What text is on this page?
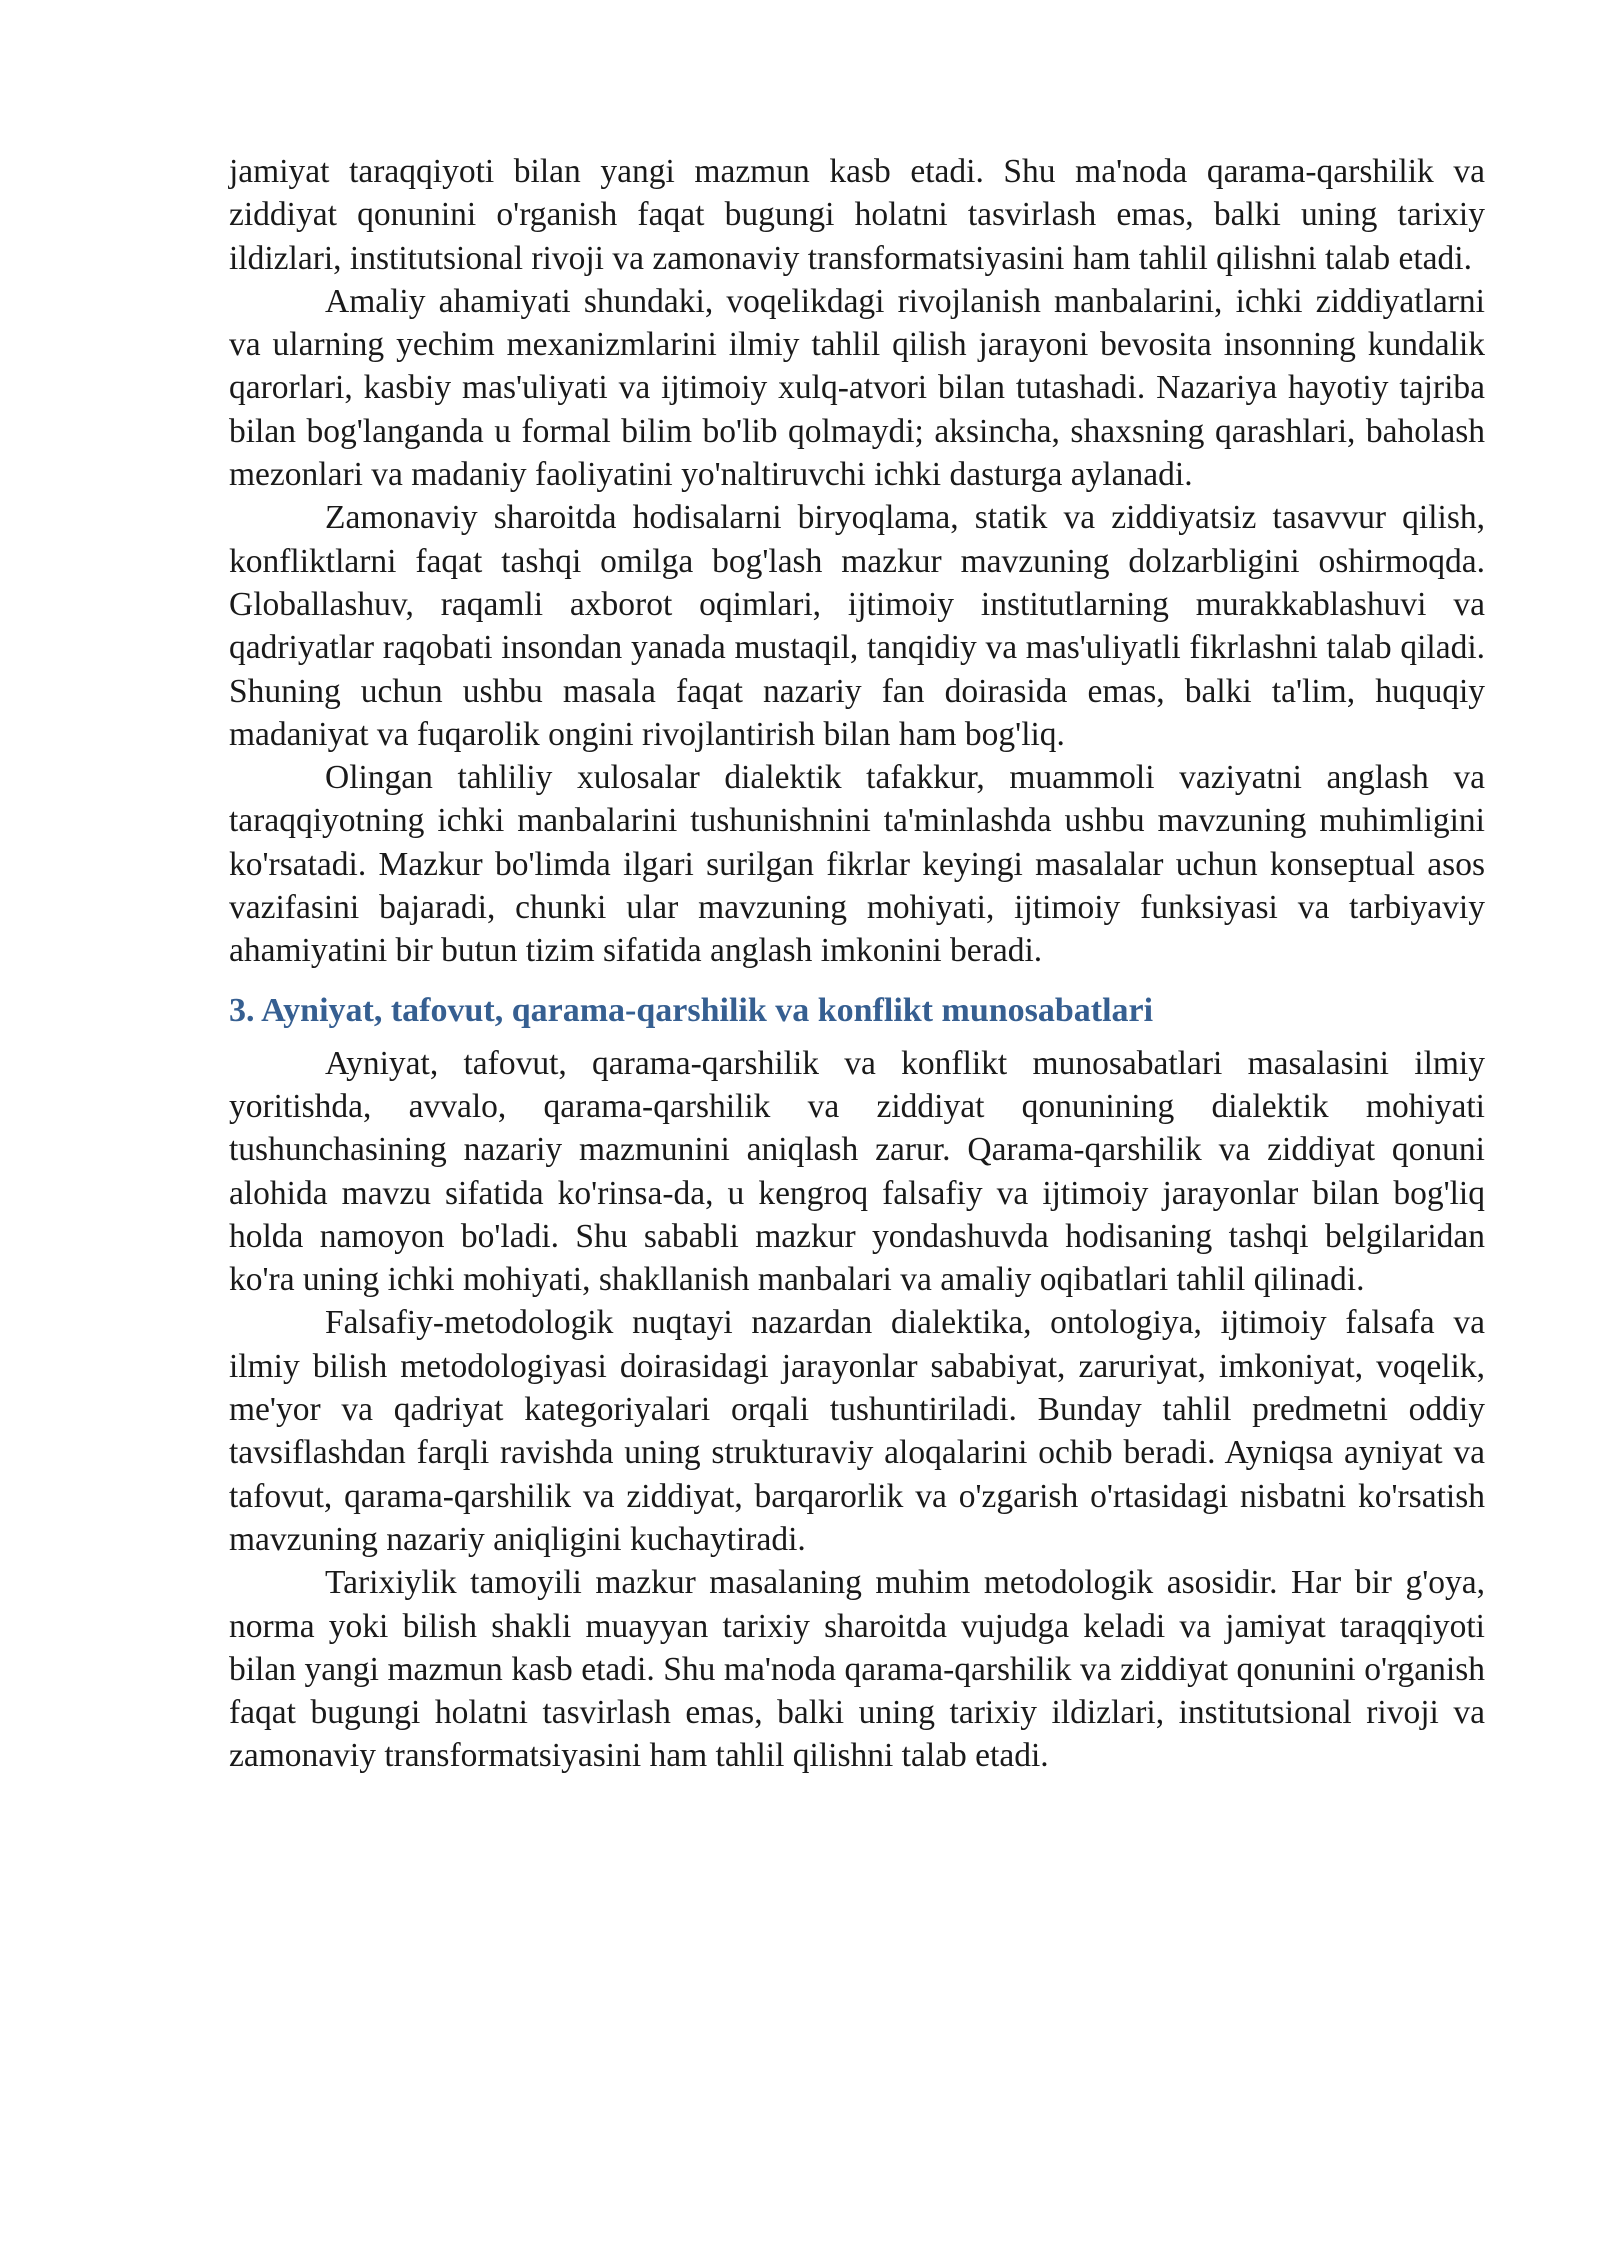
jamiyat taraqqiyoti bilan yangi mazmun kasb etadi. Shu ma'noda qarama-qarshilik va ziddiyat qonunini o'rganish faqat bugungi holatni tasvirlash emas, balki uning tarixiy ildizlari, institutsional rivoji va zamonaviy transformatsiyasini ham tahlil qilishni talab etadi.

Amaliy ahamiyati shundaki, voqelikdagi rivojlanish manbalarini, ichki ziddiyatlarni va ularning yechim mexanizmlarini ilmiy tahlil qilish jarayoni bevosita insonning kundalik qarorlari, kasbiy mas'uliyati va ijtimoiy xulq-atvori bilan tutashadi. Nazariya hayotiy tajriba bilan bog'langanda u formal bilim bo'lib qolmaydi; aksincha, shaxsning qarashlari, baholash mezonlari va madaniy faoliyatini yo'naltiruvchi ichki dasturga aylanadi.

Zamonaviy sharoitda hodisalarni biryoqlama, statik va ziddiyatsiz tasavvur qilish, konfliktlarni faqat tashqi omilga bog'lash mazkur mavzuning dolzarbligini oshirmoqda. Globallashuv, raqamli axborot oqimlari, ijtimoiy institutlarning murakkablashuvi va qadriyatlar raqobati insondan yanada mustaqil, tanqidiy va mas'uliyatli fikrlashni talab qiladi. Shuning uchun ushbu masala faqat nazariy fan doirasida emas, balki ta'lim, huquqiy madaniyat va fuqarolik ongini rivojlantirish bilan ham bog'liq.

Olingan tahliliy xulosalar dialektik tafakkur, muammoli vaziyatni anglash va taraqqiyotning ichki manbalarini tushunishnini ta'minlashda ushbu mavzuning muhimligini ko'rsatadi. Mazkur bo'limda ilgari surilgan fikrlar keyingi masalalar uchun konseptual asos vazifasini bajaradi, chunki ular mavzuning mohiyati, ijtimoiy funksiyasi va tarbiyaviy ahamiyatini bir butun tizim sifatida anglash imkonini beradi.

3. Ayniyat, tafovut, qarama-qarshilik va konflikt munosabatlari

Ayniyat, tafovut, qarama-qarshilik va konflikt munosabatlari masalasini ilmiy yoritishda, avvalo, qarama-qarshilik va ziddiyat qonunining dialektik mohiyati tushunchasining nazariy mazmunini aniqlash zarur. Qarama-qarshilik va ziddiyat qonuni alohida mavzu sifatida ko'rinsa-da, u kengroq falsafiy va ijtimoiy jarayonlar bilan bog'liq holda namoyon bo'ladi. Shu sababli mazkur yondashuvda hodisaning tashqi belgilaridan ko'ra uning ichki mohiyati, shakllanish manbalari va amaliy oqibatlari tahlil qilinadi.

Falsafiy-metodologik nuqtayi nazardan dialektika, ontologiya, ijtimoiy falsafa va ilmiy bilish metodologiyasi doirasidagi jarayonlar sababiyat, zaruriyat, imkoniyat, voqelik, me'yor va qadriyat kategoriyalari orqali tushuntiriladi. Bunday tahlil predmetni oddiy tavsiflashdan farqli ravishda uning strukturaviy aloqalarini ochib beradi. Ayniqsa ayniyat va tafovut, qarama-qarshilik va ziddiyat, barqarorlik va o'zgarish o'rtasidagi nisbatni ko'rsatish mavzuning nazariy aniqligini kuchaytiradi.

Tarixiylik tamoyili mazkur masalaning muhim metodologik asosidir. Har bir g'oya, norma yoki bilish shakli muayyan tarixiy sharoitda vujudga keladi va jamiyat taraqqiyoti bilan yangi mazmun kasb etadi. Shu ma'noda qarama-qarshilik va ziddiyat qonunini o'rganish faqat bugungi holatni tasvirlash emas, balki uning tarixiy ildizlari, institutsional rivoji va zamonaviy transformatsiyasini ham tahlil qilishni talab etadi.
